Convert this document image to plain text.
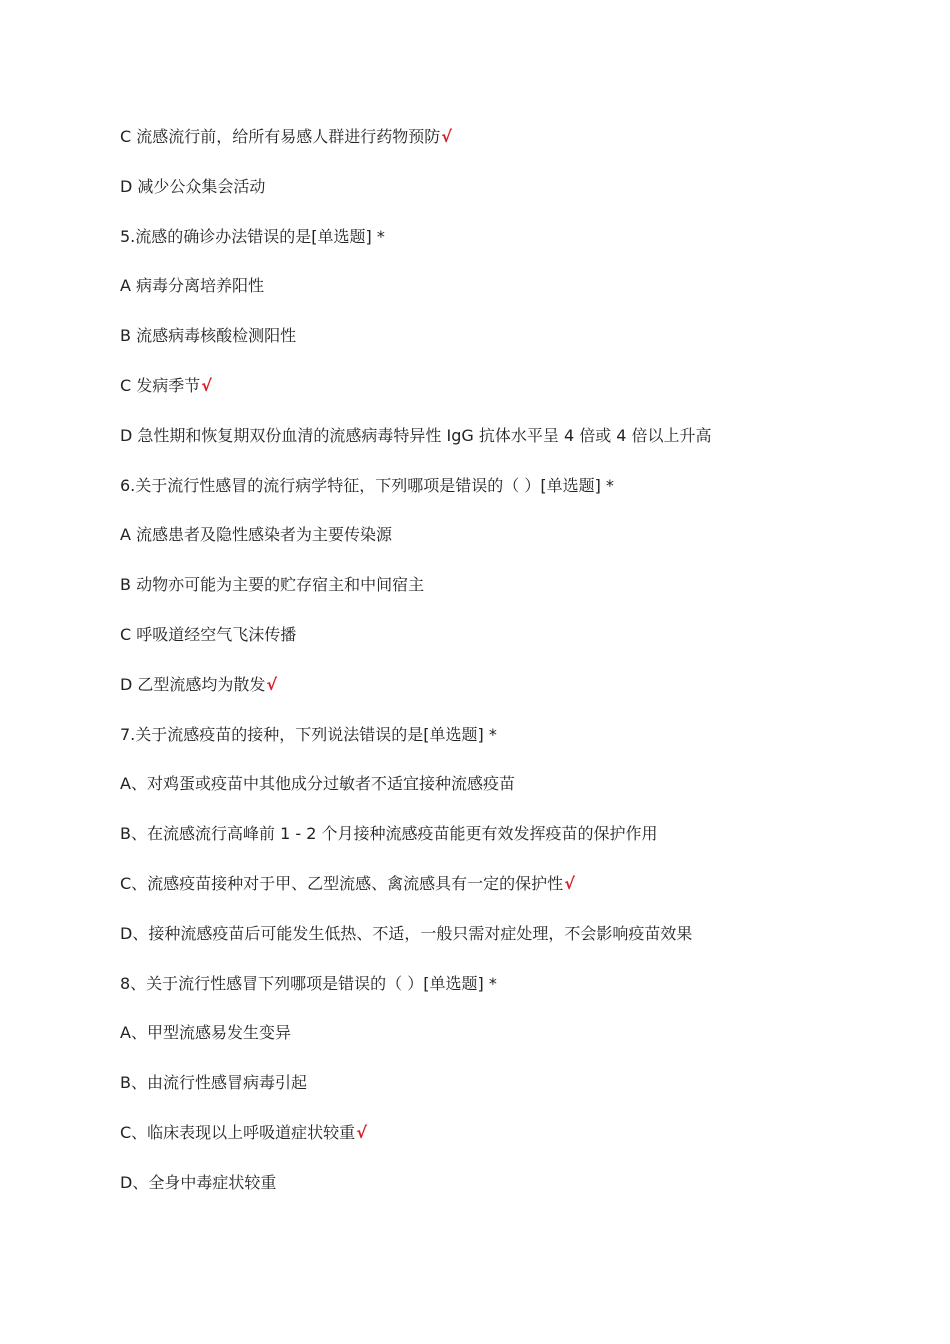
C 流感流行前，给所有易感人群进行药物预防√
D 减少公众集会活动
5.流感的确诊办法错误的是[单选题] *
A 病毒分离培养阳性
B 流感病毒核酸检测阳性
C 发病季节√
D 急性期和恢复期双份血清的流感病毒特异性 IgG 抗体水平呈 4 倍或 4 倍以上升高
6.关于流行性感冒的流行病学特征，下列哪项是错误的（ ）[单选题] *
A 流感患者及隐性感染者为主要传染源
B 动物亦可能为主要的贮存宿主和中间宿主
C 呼吸道经空气飞沫传播
D 乙型流感均为散发√
7.关于流感疫苗的接种，下列说法错误的是[单选题] *
A、对鸡蛋或疫苗中其他成分过敏者不适宜接种流感疫苗
B、在流感流行高峰前 1 - 2 个月接种流感疫苗能更有效发挥疫苗的保护作用
C、流感疫苗接种对于甲、乙型流感、禽流感具有一定的保护性√
D、接种流感疫苗后可能发生低热、不适，一般只需对症处理，不会影响疫苗效果
8、关于流行性感冒下列哪项是错误的（ ）[单选题] *
A、甲型流感易发生变异
B、由流行性感冒病毒引起
C、临床表现以上呼吸道症状较重√
D、全身中毒症状较重
